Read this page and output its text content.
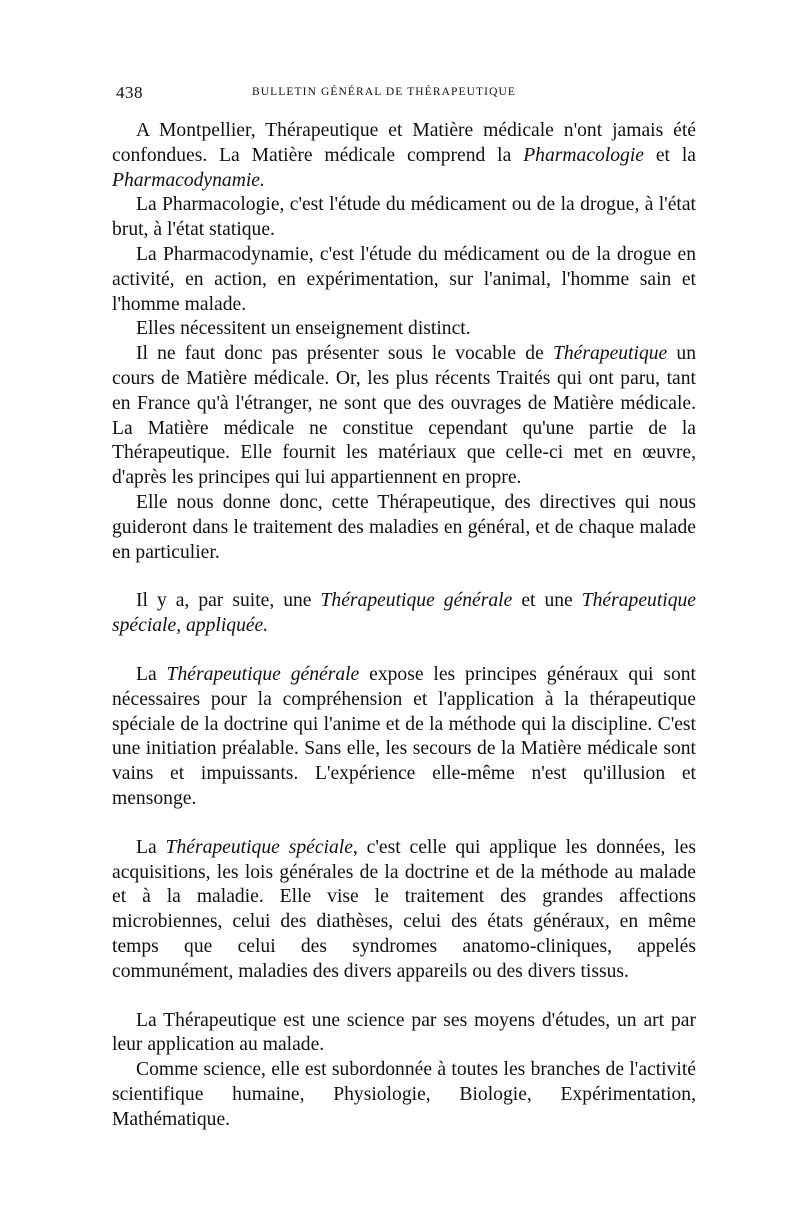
438	BULLETIN GÉNÉRAL DE THÉRAPEUTIQUE

A Montpellier, Thérapeutique et Matière médicale n'ont jamais été confondues. La Matière médicale comprend la Pharmacologie et la Pharmacodynamie.

La Pharmacologie, c'est l'étude du médicament ou de la drogue, à l'état brut, à l'état statique.

La Pharmacodynamie, c'est l'étude du médicament ou de la drogue en activité, en action, en expérimentation, sur l'animal, l'homme sain et l'homme malade.

Elles nécessitent un enseignement distinct.

Il ne faut donc pas présenter sous le vocable de Thérapeutique un cours de Matière médicale. Or, les plus récents Traités qui ont paru, tant en France qu'à l'étranger, ne sont que des ouvrages de Matière médicale. La Matière médicale ne constitue cependant qu'une partie de la Thérapeutique. Elle fournit les matériaux que celle-ci met en œuvre, d'après les principes qui lui appartiennent en propre.

Elle nous donne donc, cette Thérapeutique, des directives qui nous guideront dans le traitement des maladies en général, et de chaque malade en particulier.

Il y a, par suite, une Thérapeutique générale et une Thérapeutique spéciale, appliquée.

La Thérapeutique générale expose les principes généraux qui sont nécessaires pour la compréhension et l'application à la thérapeutique spéciale de la doctrine qui l'anime et de la méthode qui la discipline. C'est une initiation préalable. Sans elle, les secours de la Matière médicale sont vains et impuissants. L'expérience elle-même n'est qu'illusion et mensonge.

La Thérapeutique spéciale, c'est celle qui applique les données, les acquisitions, les lois générales de la doctrine et de la méthode au malade et à la maladie. Elle vise le traitement des grandes affections microbiennes, celui des diathèses, celui des états généraux, en même temps que celui des syndromes anatomo-cliniques, appelés communément, maladies des divers appareils ou des divers tissus.

La Thérapeutique est une science par ses moyens d'études, un art par leur application au malade.

Comme science, elle est subordonnée à toutes les branches de l'activité scientifique humaine, Physiologie, Biologie, Expérimentation, Mathématique.
